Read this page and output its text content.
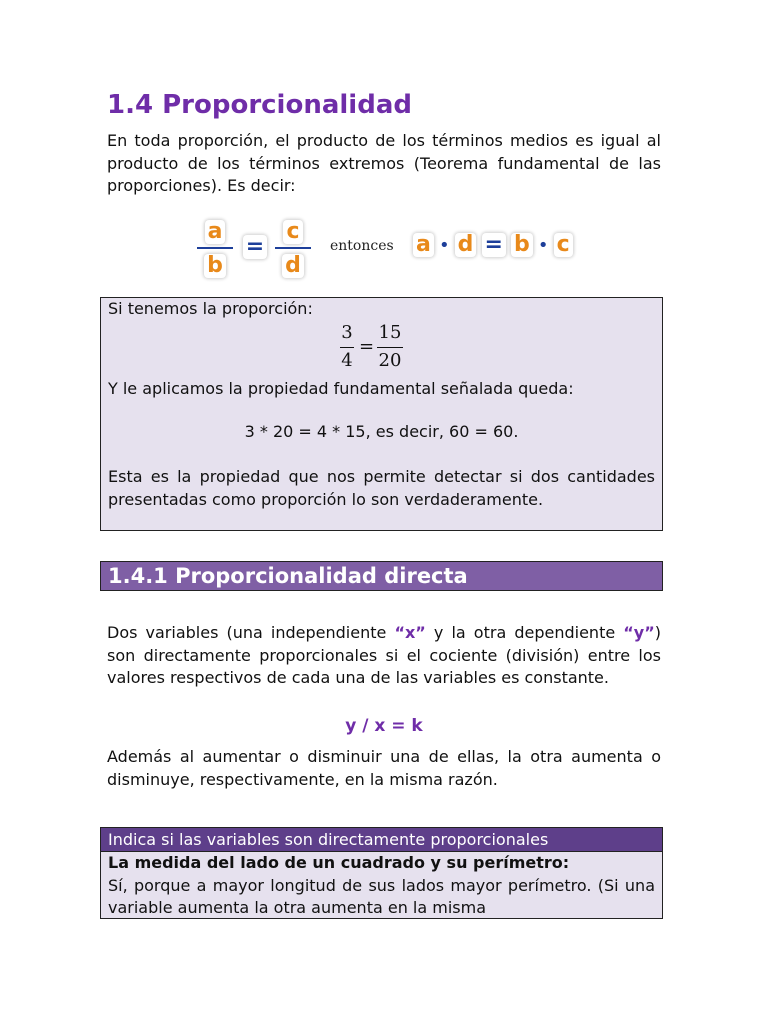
1.4 Proporcionalidad
En toda proporción, el producto de los términos medios es igual al producto de los términos extremos (Teorema fundamental de las proporciones). Es decir:
a
b
=
c
d
entonces a • d = b • c
Si tenemos la proporción:
3
4
=
15
20
Y le aplicamos la propiedad fundamental señalada queda:
3 * 20 = 4 * 15, es decir, 60 = 60.
Esta es la propiedad que nos permite detectar si dos cantidades presentadas como proporción lo son verdaderamente.
1.4.1 Proporcionalidad directa
Dos variables (una independiente “x” y la otra dependiente “y”) son directamente proporcionales si el cociente (división) entre los valores respectivos de cada una de las variables es constante.
y / x = k
Además al aumentar o disminuir una de ellas, la otra aumenta o disminuye, respectivamente, en la misma razón.
Indica si las variables son directamente proporcionales
La medida del lado de un cuadrado y su perímetro:
Sí, porque a mayor longitud de sus lados mayor perímetro. (Si una variable aumenta la otra aumenta en la misma
